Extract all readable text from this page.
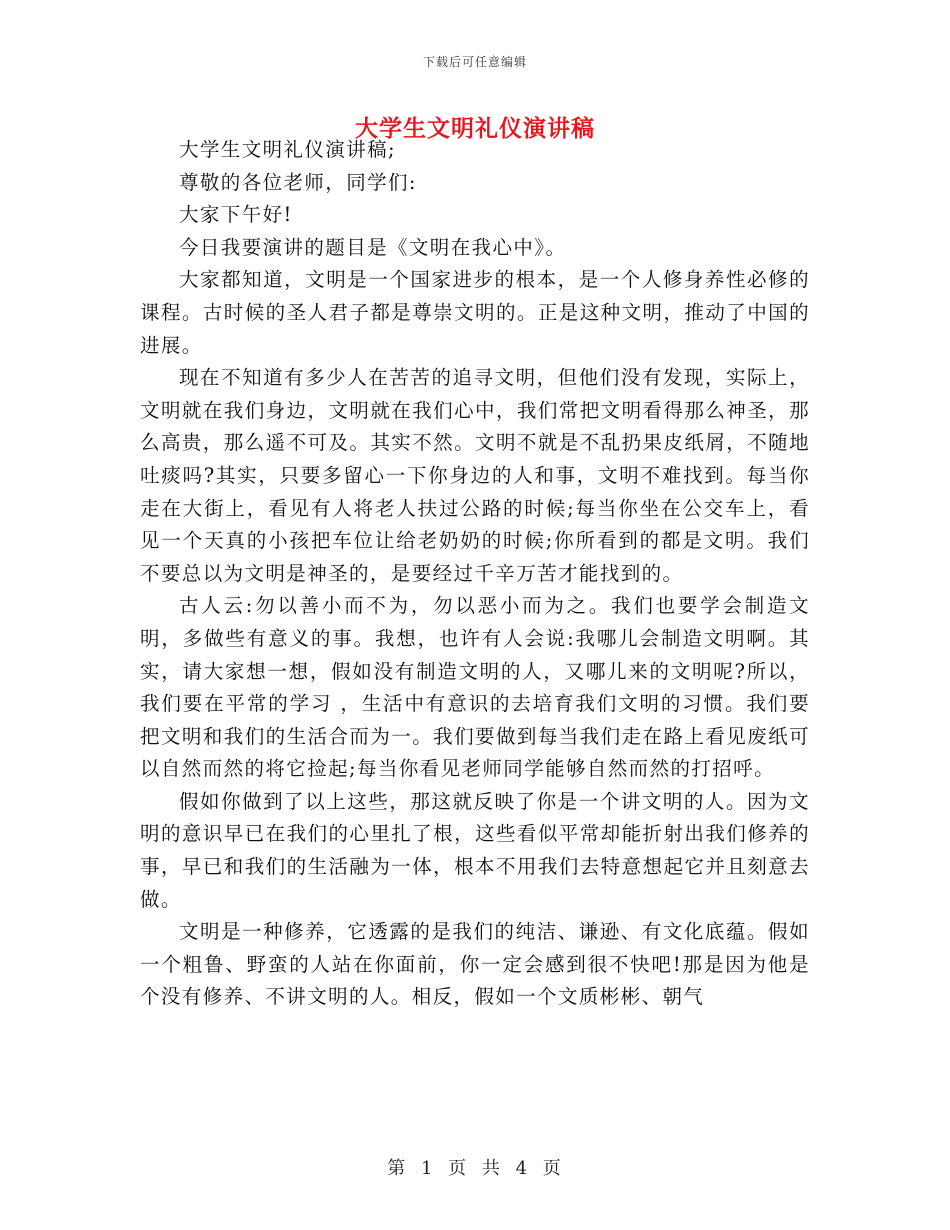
下载后可任意编辑
大学生文明礼仪演讲稿

大学生文明礼仪演讲稿;

尊敬的各位老师，同学们:

大家下午好!

今日我要演讲的题目是《文明在我心中》。

大家都知道，文明是一个国家进步的根本，是一个人修身养性必修的课程。古时候的圣人君子都是尊崇文明的。正是这种文明，推动了中国的进展。

现在不知道有多少人在苦苦的追寻文明，但他们没有发现，实际上，文明就在我们身边，文明就在我们心中，我们常把文明看得那么神圣，那么高贵，那么遥不可及。其实不然。文明不就是不乱扔果皮纸屑，不随地吐痰吗?其实，只要多留心一下你身边的人和事，文明不难找到。每当你走在大街上，看见有人将老人扶过公路的时候;每当你坐在公交车上，看见一个天真的小孩把车位让给老奶奶的时候;你所看到的都是文明。我们不要总以为文明是神圣的，是要经过千辛万苦才能找到的。

古人云:勿以善小而不为，勿以恶小而为之。我们也要学会制造文明，多做些有意义的事。我想，也许有人会说:我哪儿会制造文明啊。其实，请大家想一想，假如没有制造文明的人，又哪儿来的文明呢?所以，我们要在平常的学习 ，生活中有意识的去培育我们文明的习惯。我们要把文明和我们的生活合而为一。我们要做到每当我们走在路上看见废纸可以自然而然的将它捡起;每当你看见老师同学能够自然而然的打招呼。

假如你做到了以上这些，那这就反映了你是一个讲文明的人。因为文明的意识早已在我们的心里扎了根，这些看似平常却能折射出我们修养的事，早已和我们的生活融为一体，根本不用我们去特意想起它并且刻意去做。

文明是一种修养，它透露的是我们的纯洁、谦逊、有文化底蕴。假如一个粗鲁、野蛮的人站在你面前，你一定会感到很不快吧!那是因为他是个没有修养、不讲文明的人。相反，假如一个文质彬彬、朝气

第 1 页 共 4 页
